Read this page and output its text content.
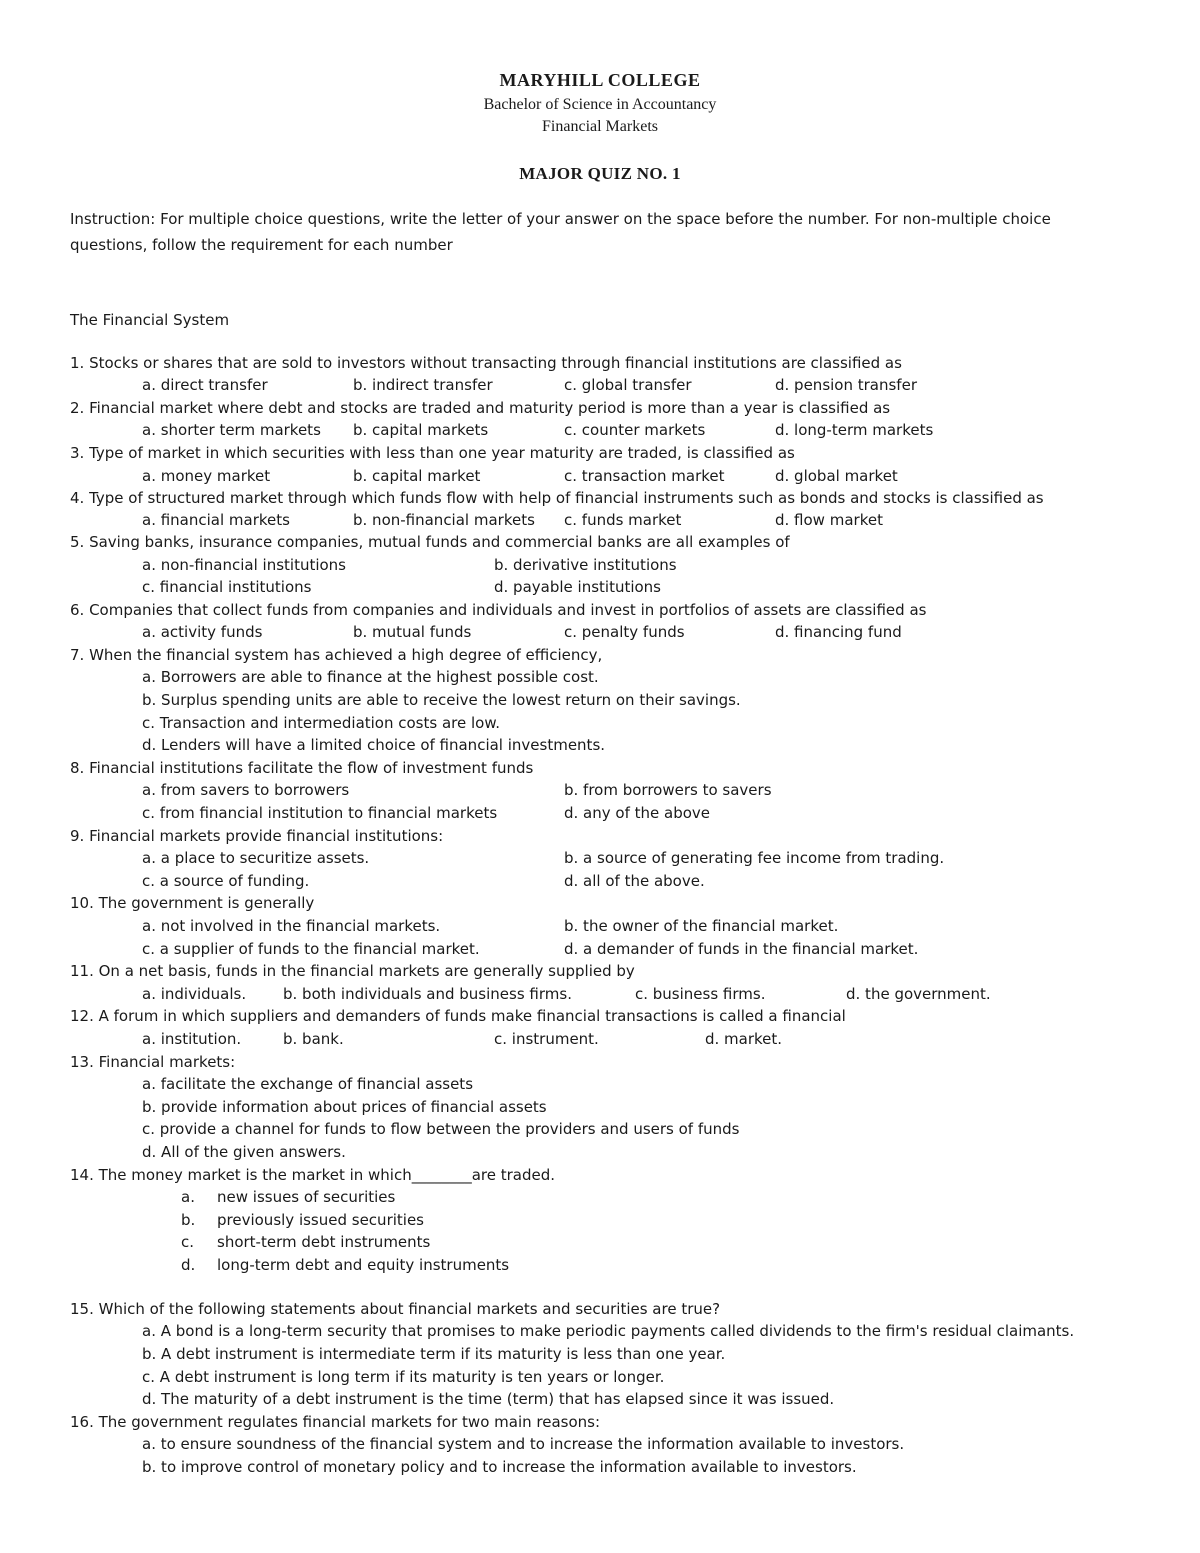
MARYHILL COLLEGE
Bachelor of Science in Accountancy
Financial Markets
MAJOR QUIZ NO. 1
Instruction: For multiple choice questions, write the letter of your answer on the space before the number. For non-multiple choice questions, follow the requirement for each number
The Financial System
1. Stocks or shares that are sold to investors without transacting through financial institutions are classified as
a. direct transfer	b. indirect transfer	c. global transfer	d. pension transfer
2. Financial market where debt and stocks are traded and maturity period is more than a year is classified as
a. shorter term markets b. capital markets	c. counter markets	d. long-term markets
3. Type of market in which securities with less than one year maturity are traded, is classified as
a. money market	b. capital market	c. transaction market	d. global market
4. Type of structured market through which funds flow with help of financial instruments such as bonds and stocks is classified as
a. financial markets	b. non-financial markets c. funds market	d. flow market
5. Saving banks, insurance companies, mutual funds and commercial banks are all examples of
a. non-financial institutions	b. derivative institutions
c. financial institutions	d. payable institutions
6. Companies that collect funds from companies and individuals and invest in portfolios of assets are classified as
a. activity funds	b. mutual funds	c. penalty funds	d. financing fund
7. When the financial system has achieved a high degree of efficiency,
a. Borrowers are able to finance at the highest possible cost.
b. Surplus spending units are able to receive the lowest return on their savings.
c. Transaction and intermediation costs are low.
d. Lenders will have a limited choice of financial investments.
8. Financial institutions facilitate the flow of investment funds
a. from savers to borrowers	b. from borrowers to savers
c. from financial institution to financial markets	d. any of the above
9. Financial markets provide financial institutions:
a. a place to securitize assets.	b. a source of generating fee income from trading.
c. a source of funding.	d. all of the above.
10. The government is generally
a. not involved in the financial markets.	b. the owner of the financial market.
c. a supplier of funds to the financial market.	d. a demander of funds in the financial market.
11. On a net basis, funds in the financial markets are generally supplied by
a. individuals. b. both individuals and business firms.	c. business firms.	d. the government.
12. A forum in which suppliers and demanders of funds make financial transactions is called a financial
a. institution.	b. bank.	c. instrument.	d. market.
13. Financial markets:
a. facilitate the exchange of financial assets
b. provide information about prices of financial assets
c. provide a channel for funds to flow between the providers and users of funds
d. All of the given answers.
14. The money market is the market in which________are traded.
a. new issues of securities
b. previously issued securities
c. short-term debt instruments
d. long-term debt and equity instruments
15. Which of the following statements about financial markets and securities are true?
a. A bond is a long-term security that promises to make periodic payments called dividends to the firm's residual claimants.
b. A debt instrument is intermediate term if its maturity is less than one year.
c. A debt instrument is long term if its maturity is ten years or longer.
d. The maturity of a debt instrument is the time (term) that has elapsed since it was issued.
16. The government regulates financial markets for two main reasons:
a. to ensure soundness of the financial system and to increase the information available to investors.
b. to improve control of monetary policy and to increase the information available to investors.
